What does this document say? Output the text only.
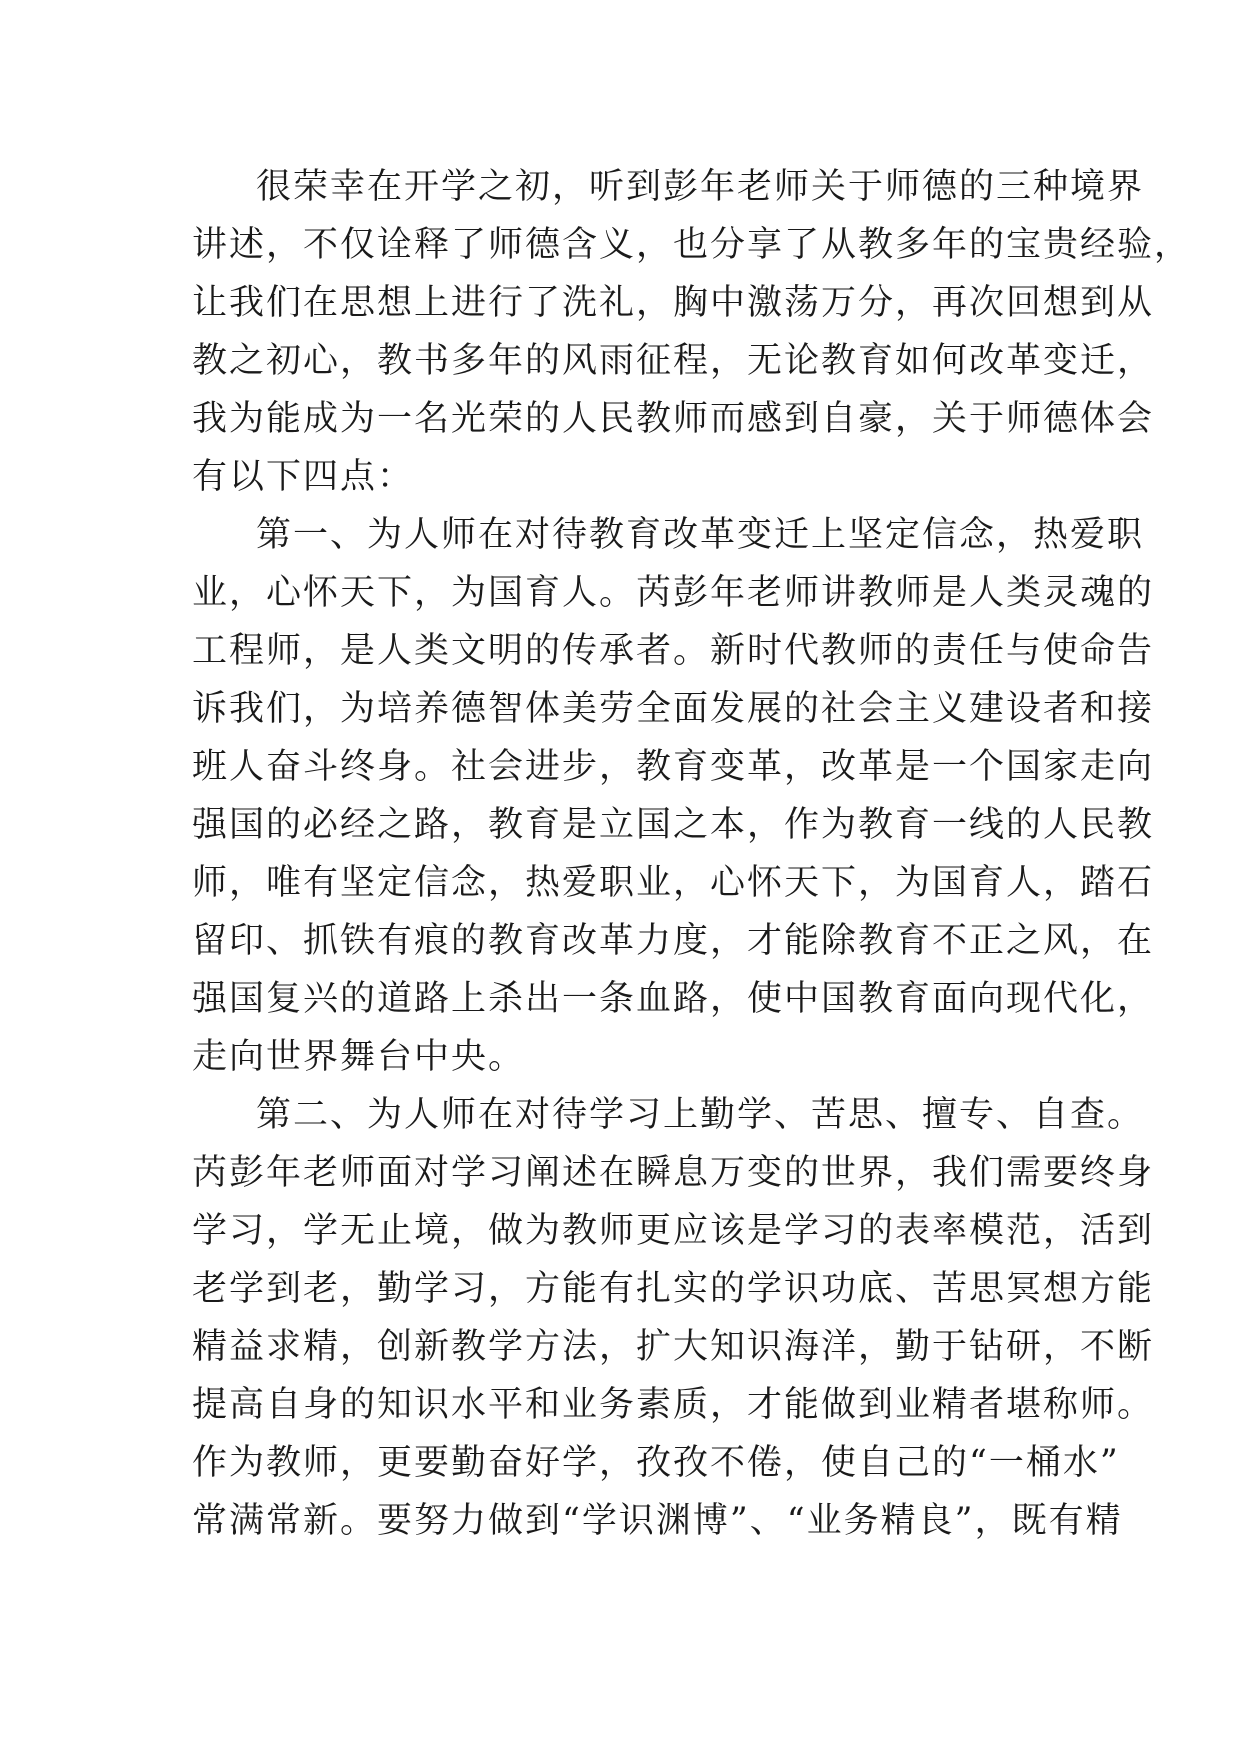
很荣幸在开学之初，听到彭年老师关于师德的三种境界
讲述，不仅诠释了师德含义，也分享了从教多年的宝贵经验，
让我们在思想上进行了洗礼，胸中激荡万分，再次回想到从
教之初心，教书多年的风雨征程，无论教育如何改革变迁，
我为能成为一名光荣的人民教师而感到自豪，关于师德体会
有以下四点：
第一、为人师在对待教育改革变迁上坚定信念，热爱职
业，心怀天下，为国育人。芮彭年老师讲教师是人类灵魂的
工程师，是人类文明的传承者。新时代教师的责任与使命告
诉我们，为培养德智体美劳全面发展的社会主义建设者和接
班人奋斗终身。社会进步，教育变革，改革是一个国家走向
强国的必经之路，教育是立国之本，作为教育一线的人民教
师，唯有坚定信念，热爱职业，心怀天下，为国育人，踏石
留印、抓铁有痕的教育改革力度，才能除教育不正之风，在
强国复兴的道路上杀出一条血路，使中国教育面向现代化，
走向世界舞台中央。
第二、为人师在对待学习上勤学、苦思、擅专、自查。
芮彭年老师面对学习阐述在瞬息万变的世界，我们需要终身
学习，学无止境，做为教师更应该是学习的表率模范，活到
老学到老，勤学习，方能有扎实的学识功底、苦思冥想方能
精益求精，创新教学方法，扩大知识海洋，勤于钻研，不断
提高自身的知识水平和业务素质，才能做到业精者堪称师。
作为教师，更要勤奋好学，孜孜不倦，使自己的“一桶水”
常满常新。要努力做到“学识渊博”、“业务精良”，既有精
